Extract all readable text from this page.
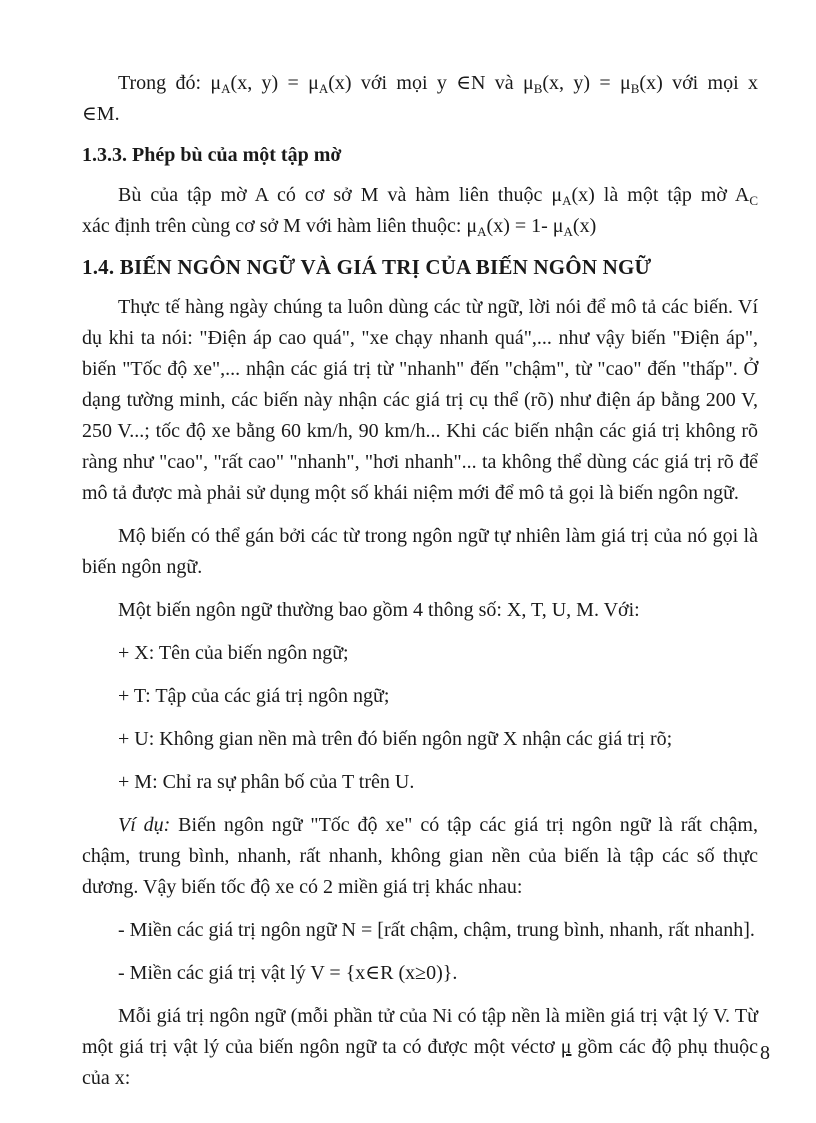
Trong đó: $\mu_A(x$, $y) = \mu_A(x)$ với mọi y ∈N và $\mu_B(x$, $y) = \mu_B(x)$ với mọi x

∈M.

1.3.3. Phép bù của một tập mờ

Bù của tập mờ A có cơ sở M và hàm liên thuộc $\mu_A(x)$ là một tập mờ $A_C$

xác định trên cùng cơ sở M với hàm liên thuộc: $\mu_A(x) = 1-$ $\mu_A(x)$

1.4. BIẾN NGÔN NGỮ VÀ GIÁ TRỊ CỦA BIẾN NGÔN NGỮ

Thực tế hàng ngày chúng ta luôn dùng các từ ngữ, lời nói để mô tả các biến. Ví dụ khi ta nói: "Điện áp cao quá", "xe chạy nhanh quá",... như vậy biến "Điện áp", biến "Tốc độ xe",... nhận các giá trị từ "nhanh" đến "chậm", từ "cao" đến "thấp". Ở dạng tường minh, các biến này nhận các giá trị cụ thể (rõ) như điện áp bằng 200 V, 250 V...; tốc độ xe bằng 60 km/h, 90 km/h... Khi các biến nhận các giá trị không rõ ràng như "cao", "rất cao" "nhanh", "hơi nhanh"... ta không thể dùng các giá trị rõ để mô tả được mà phải sử dụng một số khái niệm mới để mô tả gọi là biến ngôn ngữ.

Mộ biến có thể gán bởi các từ trong ngôn ngữ tự nhiên làm giá trị của nó gọi là biến ngôn ngữ.

Một biến ngôn ngữ thường bao gồm 4 thông số: X, T, U, M. Với:

+ X: Tên của biến ngôn ngữ;

+ T: Tập của các giá trị ngôn ngữ;

+ U: Không gian nền mà trên đó biến ngôn ngữ X nhận các giá trị rõ;

+ M: Chỉ ra sự phân bố của T trên U.

Ví dụ: Biến ngôn ngữ "Tốc độ xe" có tập các giá trị ngôn ngữ là rất chậm, chậm, trung bình, nhanh, rất nhanh, không gian nền của biến là tập các số thực dương. Vậy biến tốc độ xe có 2 miền giá trị khác nhau:

- Miền các giá trị ngôn ngữ N = [rất chậm, chậm, trung bình, nhanh, rất nhanh].

- Miền các giá trị vật lý V = {x∈R (x≥0)}.

Mỗi giá trị ngôn ngữ (mỗi phần tử của Ni có tập nền là miền giá trị vật lý V. Từ một giá trị vật lý của biến ngôn ngữ ta có được một véctơ μ gồm các độ phụ thuộc của x:

8
